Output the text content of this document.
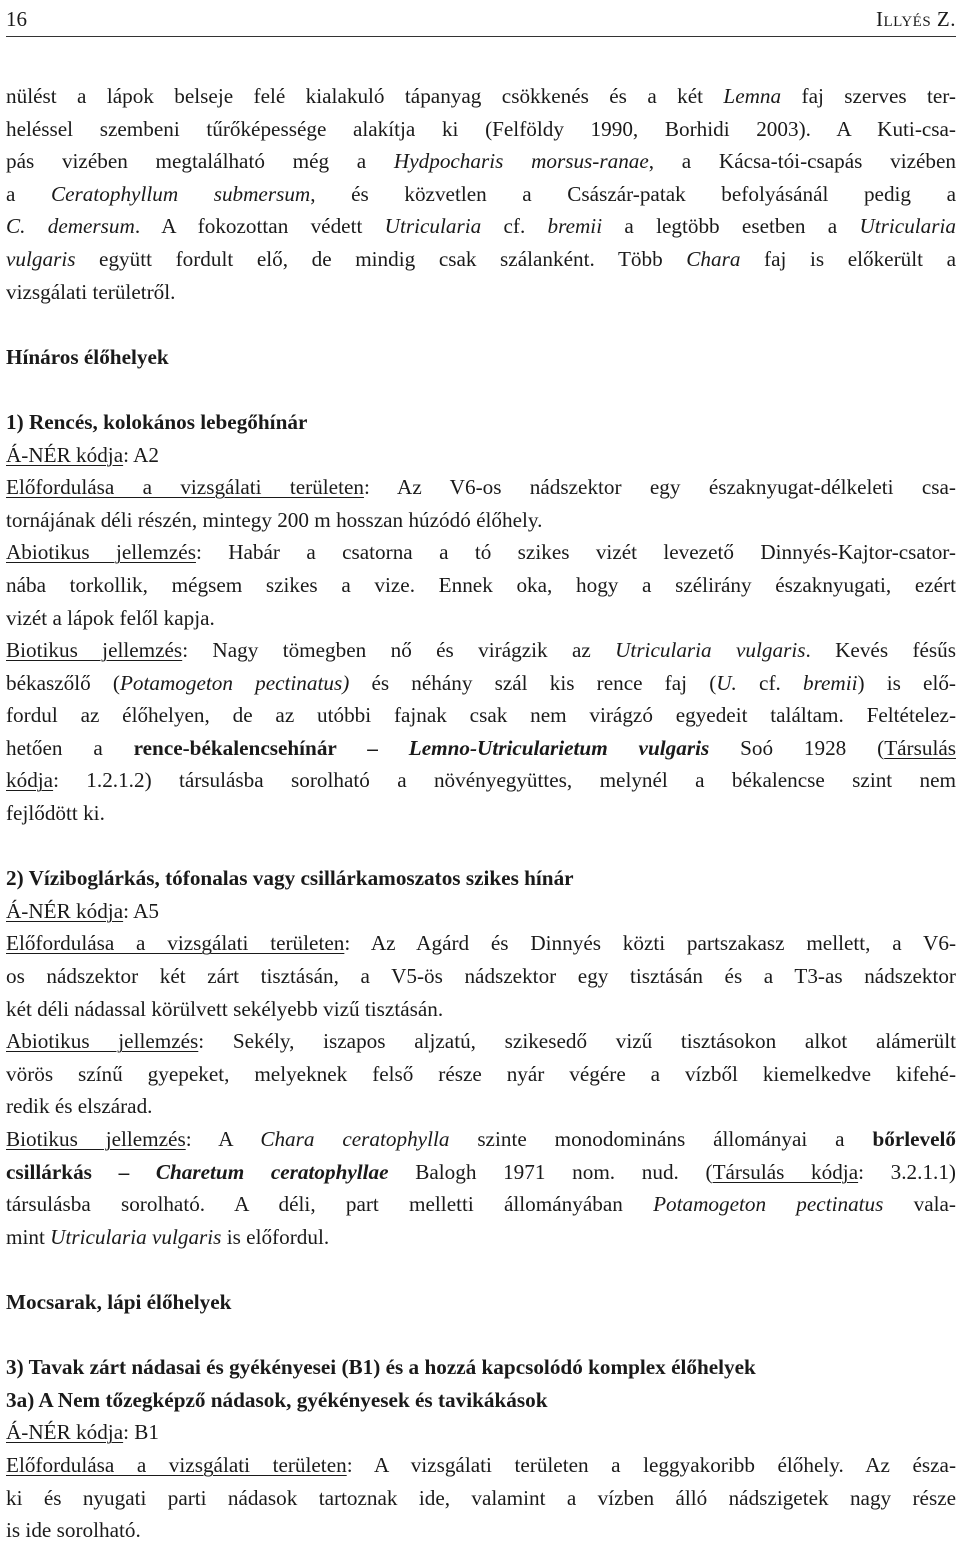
16	Illyés Z.

nülést a lápok belseje felé kialakuló tápanyag csökkenés és a két Lemna faj szerves ter-
heléssel szembeni tűrőképessége alakítja ki (Felföldy 1990, Borhidi 2003). A Kuti-csa-
pás vizében megtalálható még a Hydpocharis morsus-ranae, a Kácsa-tói-csapás vizében
a Ceratophyllum submersum, és közvetlen a Császár-patak befolyásánál pedig a
C. demersum. A fokozottan védett Utricularia cf. bremii a legtöbb esetben a Utricularia
vulgaris együtt fordult elő, de mindig csak szálanként. Több Chara faj is előkerült a
vizsgálati területről.

Hínáros élőhelyek

1) Rencés, kolokános lebegőhínár

Á-NÉR kódja: A2

Előfordulása a vizsgálati területen: Az V6-os nádszektor egy északnyugat-délkeleti csa-
tornájának déli részén, mintegy 200 m hosszan húzódó élőhely.

Abiotikus jellemzés: Habár a csatorna a tó szikes vizét levezető Dinnyés-Kajtor-csator-
nába torkollik, mégsem szikes a vize. Ennek oka, hogy a szélirány északnyugati, ezért
vizét a lápok felől kapja.

Biotikus jellemzés: Nagy tömegben nő és virágzik az Utricularia vulgaris. Kevés fésűs
békaszőlő (Potamogeton pectinatus) és néhány szál kis rence faj (U. cf. bremii) is elő-
fordul az élőhelyen, de az utóbbi fajnak csak nem virágzó egyedeit találtam. Feltételez-
hetően a rence-békalencsehínár – Lemno-Utricularietum vulgaris Soó 1928 (Társulás
kódja: 1.2.1.2) társulásba sorolható a növényegyüttes, melynél a békalencse szint nem
fejlődött ki.

2) Víziboglárkás, tófonalas vagy csillárkamoszatos szikes hínár

Á-NÉR kódja: A5

Előfordulása a vizsgálati területen: Az Agárd és Dinnyés közti partszakasz mellett, a V6-
os nádszektor két zárt tisztásán, a V5-ös nádszektor egy tisztásán és a T3-as nádszektor
két déli nádassal körülvett sekélyebb vizű tisztásán.

Abiotikus jellemzés: Sekély, iszapos aljzatú, szikesedő vizű tisztásokon alkot alámerült
vörös színű gyepeket, melyeknek felső része nyár végére a vízből kiemelkedve kifehé-
redik és elszárad.

Biotikus jellemzés: A Chara ceratophylla szinte monodomináns állományai a bőrlevelő
csillárkás – Charetum ceratophyllae Balogh 1971 nom. nud. (Társulás kódja: 3.2.1.1)
társulásba sorolható. A déli, part melletti állományában Potamogeton pectinatus vala-
mint Utricularia vulgaris is előfordul.

Mocsarak, lápi élőhelyek

3) Tavak zárt nádasai és gyékényesei (B1) és a hozzá kapcsolódó komplex élőhelyek

3a) A Nem tőzegképző nádasok, gyékényesek és tavikákások

Á-NÉR kódja: B1

Előfordulása a vizsgálati területen: A vizsgálati területen a leggyakoribb élőhely. Az észa-
ki és nyugati parti nádasok tartoznak ide, valamint a vízben álló nádszigetek nagy része
is ide sorolható.
